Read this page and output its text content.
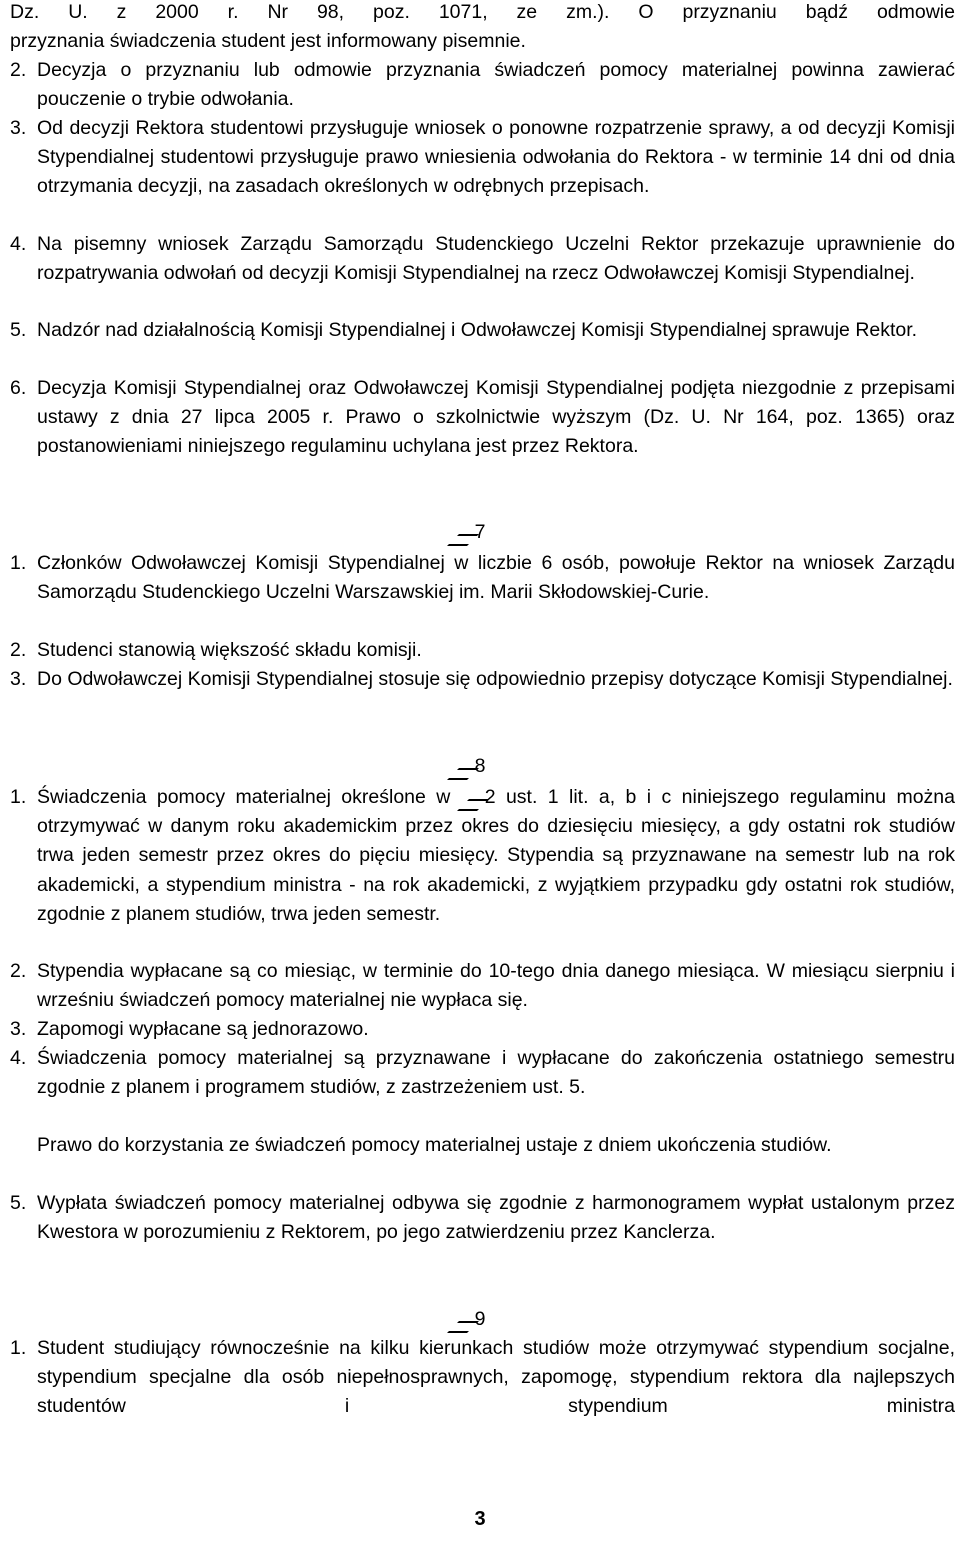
Dz. U. z 2000 r. Nr 98, poz. 1071, ze zm.). O przyznaniu bądź odmowie
przyznania świadczenia student jest informowany pisemnie.
2. Decyzja o przyznaniu lub odmowie przyznania świadczeń pomocy materialnej powinna zawierać pouczenie o trybie odwołania.
3. Od decyzji Rektora studentowi przysługuje wniosek o ponowne rozpatrzenie sprawy, a od decyzji Komisji Stypendialnej studentowi przysługuje prawo wniesienia odwołania do Rektora - w terminie 14 dni od dnia otrzymania decyzji, na zasadach określonych w odrębnych przepisach.
4. Na pisemny wniosek Zarządu Samorządu Studenckiego Uczelni Rektor przekazuje uprawnienie do rozpatrywania odwołań od decyzji Komisji Stypendialnej na rzecz Odwoławczej Komisji Stypendialnej.
5. Nadzór nad działalnością Komisji Stypendialnej i Odwoławczej Komisji Stypendialnej sprawuje Rektor.
6. Decyzja Komisji Stypendialnej oraz Odwoławczej Komisji Stypendialnej podjęta niezgodnie z przepisami ustawy z dnia 27 lipca 2005 r. Prawo o szkolnictwie wyższym (Dz. U. Nr 164, poz. 1365) oraz postanowieniami niniejszego regulaminu uchylana jest przez Rektora.
7
1. Członków Odwoławczej Komisji Stypendialnej w liczbie 6 osób, powołuje Rektor na wniosek Zarządu Samorządu Studenckiego Uczelni Warszawskiej im. Marii Skłodowskiej-Curie.
2. Studenci stanowią większość składu komisji.
3. Do Odwoławczej Komisji Stypendialnej stosuje się odpowiednio przepisy dotyczące Komisji Stypendialnej.
8
1. Świadczenia pomocy materialnej określone w 2 ust. 1 lit. a, b i c niniejszego regulaminu można otrzymywać w danym roku akademickim przez okres do dziesięciu miesięcy, a gdy ostatni rok studiów trwa jeden semestr przez okres do pięciu miesięcy. Stypendia są przyznawane na semestr lub na rok akademicki, a stypendium ministra - na rok akademicki, z wyjątkiem przypadku gdy ostatni rok studiów, zgodnie z planem studiów, trwa jeden semestr.
2. Stypendia wypłacane są co miesiąc, w terminie do 10-tego dnia danego miesiąca. W miesiącu sierpniu i wrześniu świadczeń pomocy materialnej nie wypłaca się.
3. Zapomogi wypłacane są jednorazowo.
4. Świadczenia pomocy materialnej są przyznawane i wypłacane do zakończenia ostatniego semestru zgodnie z planem i programem studiów, z zastrzeżeniem ust. 5.
Prawo do korzystania ze świadczeń pomocy materialnej ustaje z dniem ukończenia studiów.
5. Wypłata świadczeń pomocy materialnej odbywa się zgodnie z harmonogramem wypłat ustalonym przez Kwestora w porozumieniu z Rektorem, po jego zatwierdzeniu przez Kanclerza.
9
1. Student studiujący równocześnie na kilku kierunkach studiów może otrzymywać stypendium socjalne, stypendium specjalne dla osób niepełnosprawnych, zapomogę, stypendium rektora dla najlepszych studentów i stypendium ministra
3
